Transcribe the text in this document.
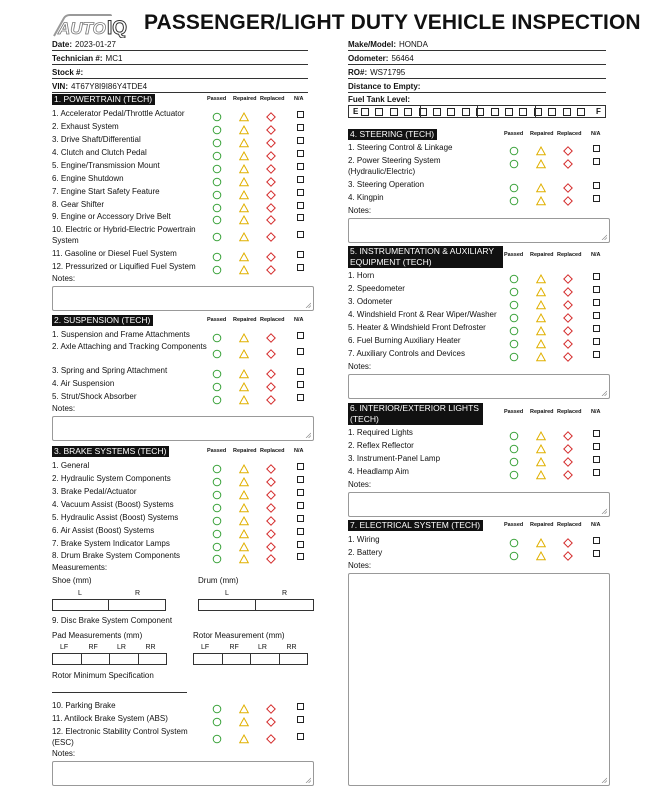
AUTO IQ PASSENGER/LIGHT DUTY VEHICLE INSPECTION
Date: 2023-01-27
Technician #: MC1
Stock #:
VIN: 4T67Y8I9I86Y4TDE4
Make/Model: HONDA
Odometer: 56464
RO#: WS71795
Distance to Empty:
Fuel Tank Level:
E	F
1. POWERTRAIN (TECH)	Passed Repaired Replaced N/A
1. Accelerator Pedal/Throttle Actuator
2. Exhaust System
3. Drive Shaft/Differential
4. Clutch and Clutch Pedal
5. Engine/Transmission Mount
6. Engine Shutdown
7. Engine Start Safety Feature
8. Gear Shifter
9. Engine or Accessory Drive Belt
10. Electric or Hybrid-Electric Powertrain System
11. Gasoline or Diesel Fuel System
12. Pressurized or Liquified Fuel System
Notes:
2. SUSPENSION (TECH)	Passed Repaired Replaced N/A
1. Suspension and Frame Attachments
2. Axle Attaching and Tracking Components
3. Spring and Spring Attachment
4. Air Suspension
5. Strut/Shock Absorber
Notes:
3. BRAKE SYSTEMS (TECH)	Passed Repaired Replaced N/A
1. General
2. Hydraulic System Components
3. Brake Pedal/Actuator
4. Vacuum Assist (Boost) Systems
5. Hydraulic Assist (Boost) Systems
6. Air Assist (Boost) Systems
7. Brake System Indicator Lamps
8. Drum Brake System Components
10. Parking Brake
11. Antilock Brake System (ABS)
12. Electronic Stability Control System (ESC)
Notes:
4. STEERING (TECH)	Passed Repaired Replaced N/A
1. Steering Control & Linkage
2. Power Steering System (Hydraulic/Electric)
3. Steering Operation
4. Kingpin
Notes:
5. INSTRUMENTATION & AUXILIARY EQUIPMENT (TECH)
Passed Repaired Replaced N/A
1. Horn
2. Speedometer
3. Odometer
4. Windshield Front & Rear Wiper/Washer
5. Heater & Windshield Front Defroster
6. Fuel Burning Auxiliary Heater
7. Auxiliary Controls and Devices
Notes:
6. INTERIOR/EXTERIOR LIGHTS (TECH)
Passed Repaired Replaced N/A
1. Required Lights
2. Reflex Reflector
3. Instrument-Panel Lamp
4. Headlamp Aim
Notes:
7. ELECTRICAL SYSTEM (TECH)	Passed Repaired Replaced N/A
1. Wiring
2. Battery
Notes:
Measurements:
Shoe (mm)	Drum (mm)
L	R	L	R
9. Disc Brake System Component
Pad Measurements (mm)	Rotor Measurement (mm)
LF	RF	LR	RR	LF	RF	LR	RR
Rotor Minimum Specification
